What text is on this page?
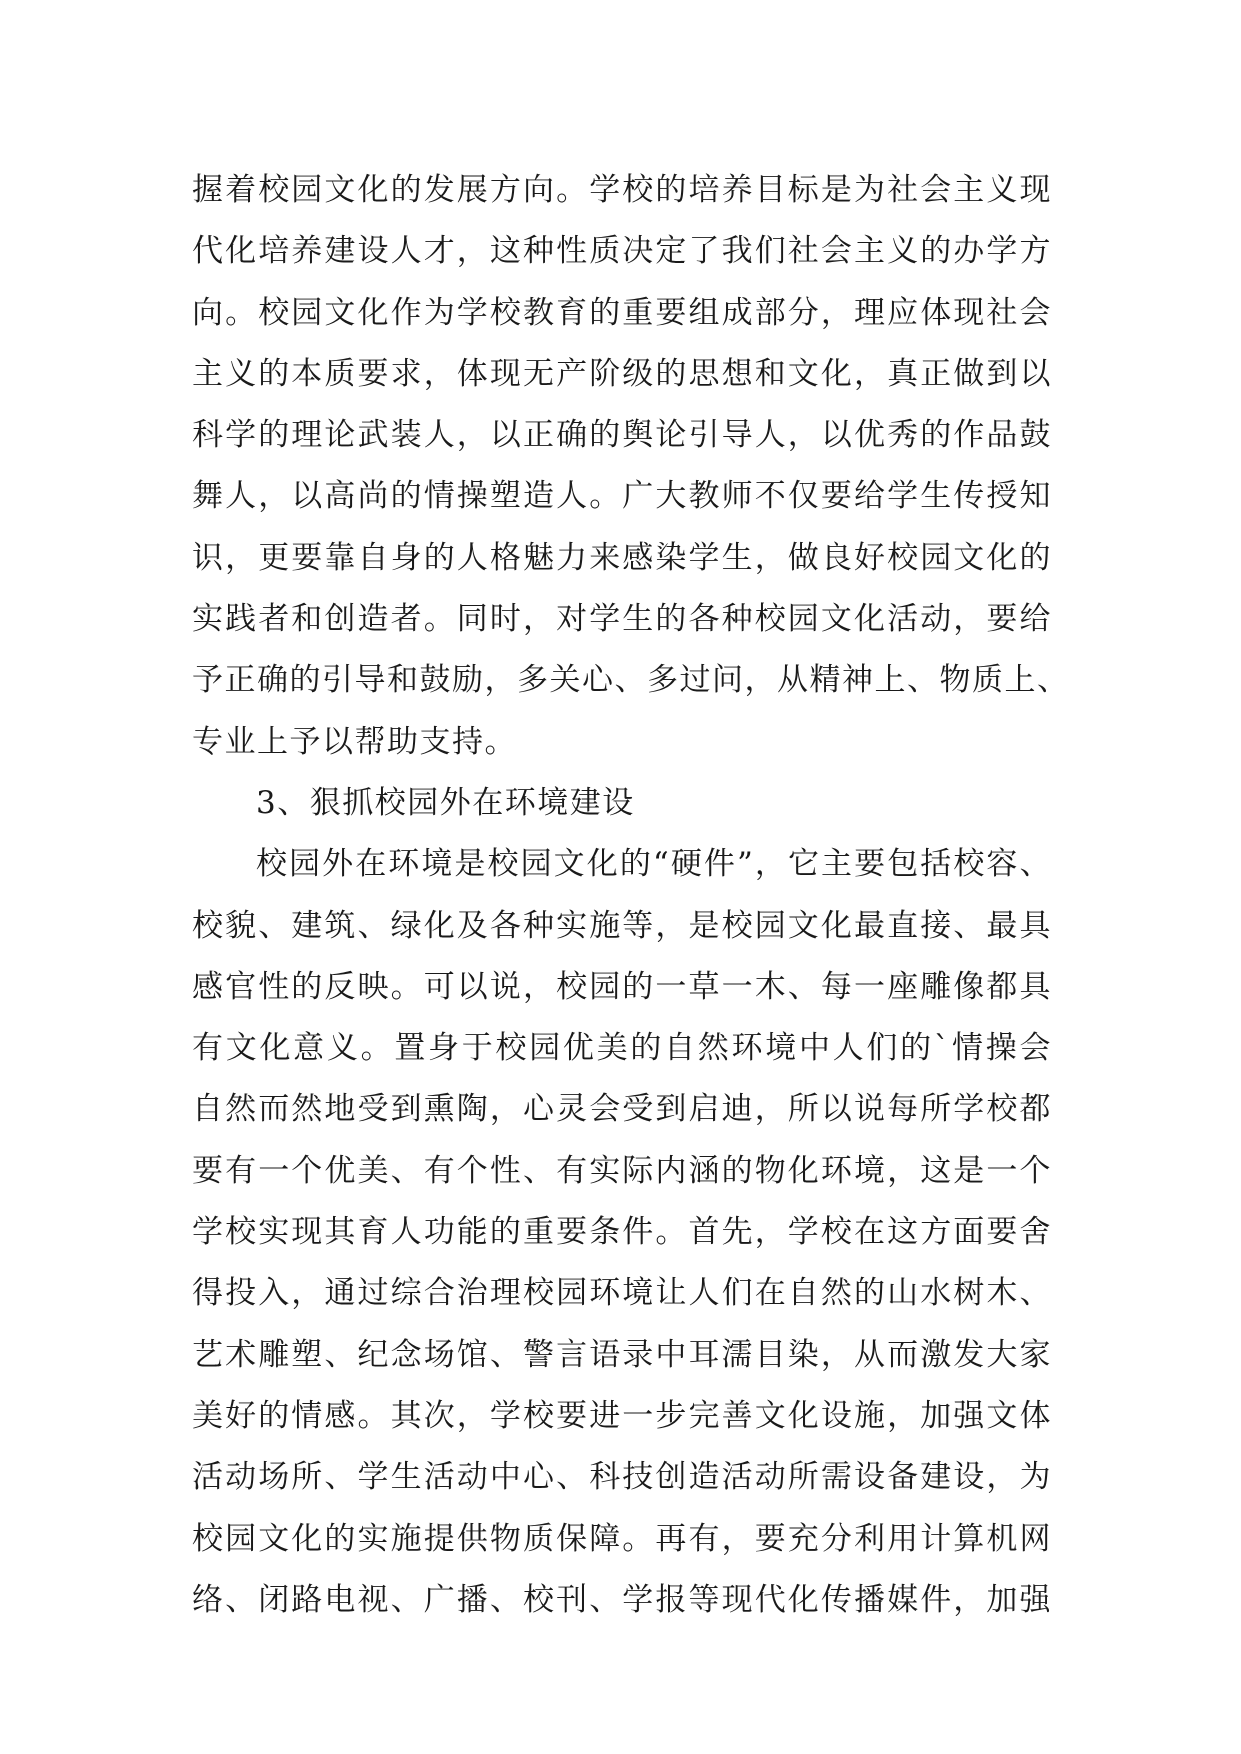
握着校园文化的发展方向。学校的培养目标是为社会主义现
代化培养建设人才，这种性质决定了我们社会主义的办学方
向。校园文化作为学校教育的重要组成部分，理应体现社会
主义的本质要求，体现无产阶级的思想和文化，真正做到以
科学的理论武装人，以正确的舆论引导人，以优秀的作品鼓
舞人，以高尚的情操塑造人。广大教师不仅要给学生传授知
识，更要靠自身的人格魅力来感染学生，做良好校园文化的
实践者和创造者。同时，对学生的各种校园文化活动，要给
予正确的引导和鼓励，多关心、多过问，从精神上、物质上、
专业上予以帮助支持。
3、狠抓校园外在环境建设
校园外在环境是校园文化的“硬件”，它主要包括校容、
校貌、建筑、绿化及各种实施等，是校园文化最直接、最具
感官性的反映。可以说，校园的一草一木、每一座雕像都具
有文化意义。置身于校园优美的自然环境中人们的`情操会
自然而然地受到熏陶，心灵会受到启迪，所以说每所学校都
要有一个优美、有个性、有实际内涵的物化环境，这是一个
学校实现其育人功能的重要条件。首先，学校在这方面要舍
得投入，通过综合治理校园环境让人们在自然的山水树木、
艺术雕塑、纪念场馆、警言语录中耳濡目染，从而激发大家
美好的情感。其次，学校要进一步完善文化设施，加强文体
活动场所、学生活动中心、科技创造活动所需设备建设，为
校园文化的实施提供物质保障。再有，要充分利用计算机网
络、闭路电视、广播、校刊、学报等现代化传播媒件，加强
